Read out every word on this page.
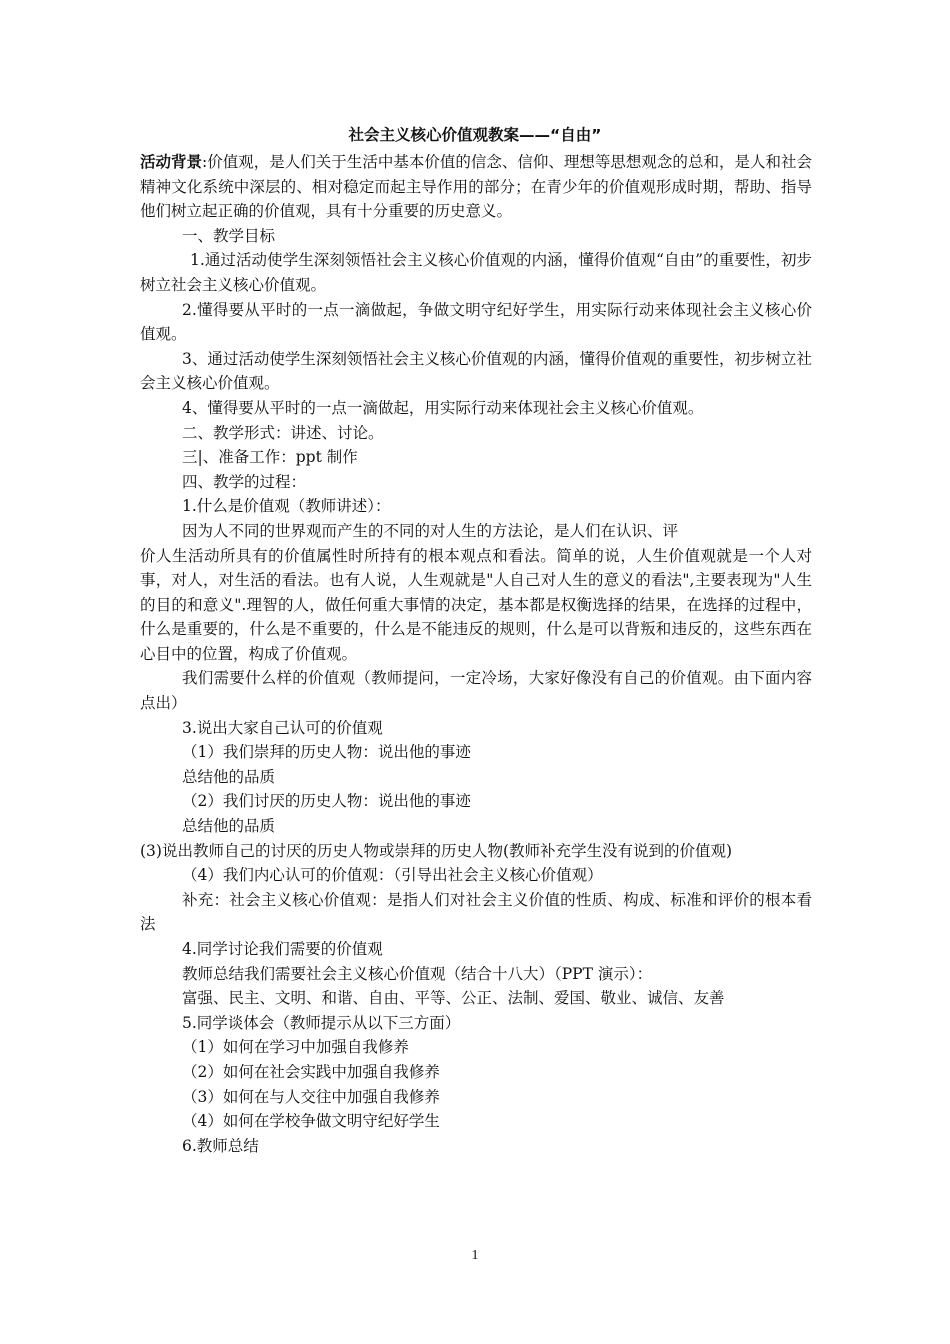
社会主义核心价值观教案——“自由”

活动背景:价值观，是人们关于生活中基本价值的信念、信仰、理想等思想观念的总和，是人和社会精神文化系统中深层的、相对稳定而起主导作用的部分；在青少年的价值观形成时期，帮助、指导他们树立起正确的价值观，具有十分重要的历史意义。

一、教学目标

1.通过活动使学生深刻领悟社会主义核心价值观的内涵，懂得价值观“自由”的重要性，初步树立社会主义核心价值观。

2.懂得要从平时的一点一滴做起，争做文明守纪好学生，用实际行动来体现社会主义核心价值观。

3、通过活动使学生深刻领悟社会主义核心价值观的内涵，懂得价值观的重要性，初步树立社会主义核心价值观。

4、懂得要从平时的一点一滴做起，用实际行动来体现社会主义核心价值观。

二、教学形式：讲述、讨论。

三|、准备工作：ppt 制作

四、教学的过程：

1.什么是价值观（教师讲述）：

因为人不同的世界观而产生的不同的对人生的方法论，是人们在认识、评

价人生活动所具有的价值属性时所持有的根本观点和看法。简单的说，人生价值观就是一个人对事，对人，对生活的看法。也有人说，人生观就是"人自己对人生的意义的看法",主要表现为"人生的目的和意义".理智的人，做任何重大事情的决定，基本都是权衡选择的结果，在选择的过程中，什么是重要的，什么是不重要的，什么是不能违反的规则，什么是可以背叛和违反的，这些东西在心目中的位置，构成了价值观。

我们需要什么样的价值观（教师提问，一定冷场，大家好像没有自己的价值观。由下面内容点出）

3.说出大家自己认可的价值观

（1）我们崇拜的历史人物：说出他的事迹

总结他的品质

（2）我们讨厌的历史人物：说出他的事迹

总结他的品质

(3)说出教师自己的讨厌的历史人物或崇拜的历史人物(教师补充学生没有说到的价值观)

（4）我们内心认可的价值观：（引导出社会主义核心价值观）

补充：社会主义核心价值观：是指人们对社会主义价值的性质、构成、标准和评价的根本看法

4.同学讨论我们需要的价值观

教师总结我们需要社会主义核心价值观（结合十八大）（PPT 演示）：

富强、民主、文明、和谐、自由、平等、公正、法制、爱国、敬业、诚信、友善

5.同学谈体会（教师提示从以下三方面）

（1）如何在学习中加强自我修养

（2）如何在社会实践中加强自我修养

（3）如何在与人交往中加强自我修养

（4）如何在学校争做文明守纪好学生

6.教师总结

1
